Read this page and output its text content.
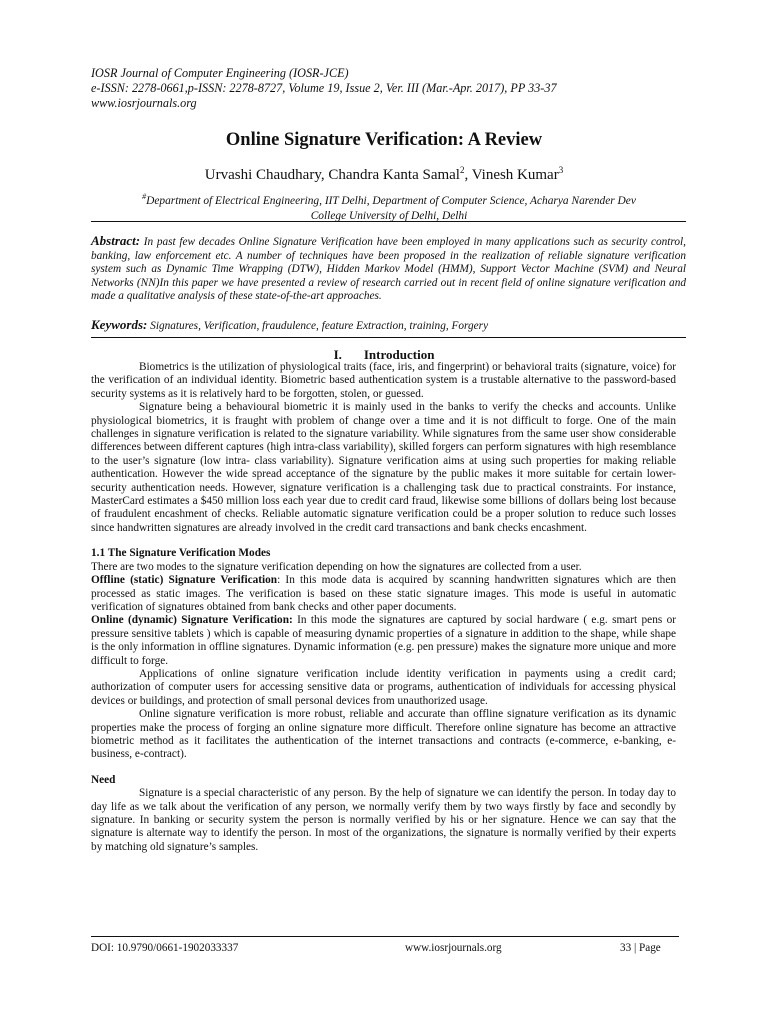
IOSR Journal of Computer Engineering (IOSR-JCE)
e-ISSN: 2278-0661,p-ISSN: 2278-8727, Volume 19, Issue 2, Ver. III (Mar.-Apr. 2017), PP 33-37
www.iosrjournals.org
Online Signature Verification: A Review
Urvashi Chaudhary, Chandra Kanta Samal$^2$, Vinesh Kumar$^3$
#Department of Electrical Engineering, IIT Delhi, Department of Computer Science, Acharya Narender Dev
College University of Delhi, Delhi
Abstract: In past few decades Online Signature Verification have been employed in many applications such as security control, banking, law enforcement etc. A number of techniques have been proposed in the realization of reliable signature verification system such as Dynamic Time Wrapping (DTW), Hidden Markov Model (HMM), Support Vector Machine (SVM) and Neural Networks (NN)In this paper we have presented a review of research carried out in recent field of online signature verification and made a qualitative analysis of these state-of-the-art approaches.
Keywords: Signatures, Verification, fraudulence, feature Extraction, training, Forgery
I. Introduction

Biometrics is the utilization of physiological traits (face, iris, and fingerprint) or behavioral traits (signature, voice) for the verification of an individual identity. Biometric based authentication system is a trustable alternative to the password-based security systems as it is relatively hard to be forgotten, stolen, or guessed.

Signature being a behavioural biometric it is mainly used in the banks to verify the checks and accounts. Unlike physiological biometrics, it is fraught with problem of change over a time and it is not difficult to forge. One of the main challenges in signature verification is related to the signature variability. While signatures from the same user show considerable differences between different captures (high intra-class variability), skilled forgers can perform signatures with high resemblance to the user’s signature (low intra- class variability). Signature verification aims at using such properties for making reliable authentication. However the wide spread acceptance of the signature by the public makes it more suitable for certain lower-security authentication needs. However, signature verification is a challenging task due to practical constraints. For instance, MasterCard estimates a $450 million loss each year due to credit card fraud, likewise some billions of dollars being lost because of fraudulent encashment of checks. Reliable automatic signature verification could be a proper solution to reduce such losses since handwritten signatures are already involved in the credit card transactions and bank checks encashment.

1.1 The Signature Verification Modes

There are two modes to the signature verification depending on how the signatures are collected from a user.

Offline (static) Signature Verification: In this mode data is acquired by scanning handwritten signatures which are then processed as static images. The verification is based on these static signature images. This mode is useful in automatic verification of signatures obtained from bank checks and other paper documents.

Online (dynamic) Signature Verification: In this mode the signatures are captured by social hardware ( e.g. smart pens or pressure sensitive tablets ) which is capable of measuring dynamic properties of a signature in addition to the shape, while shape is the only information in offline signatures. Dynamic information (e.g. pen pressure) makes the signature more unique and more difficult to forge.

Applications of online signature verification include identity verification in payments using a credit card; authorization of computer users for accessing sensitive data or programs, authentication of individuals for accessing physical devices or buildings, and protection of small personal devices from unauthorized usage.

Online signature verification is more robust, reliable and accurate than offline signature verification as its dynamic properties make the process of forging an online signature more difficult. Therefore online signature has become an attractive biometric method as it facilitates the authentication of the internet transactions and contracts (e-commerce, e-banking, e-business, e-contract).

Need

Signature is a special characteristic of any person. By the help of signature we can identify the person. In today day to day life as we talk about the verification of any person, we normally verify them by two ways firstly by face and secondly by signature. In banking or security system the person is normally verified by his or her signature. Hence we can say that the signature is alternate way to identify the person. In most of the organizations, the signature is normally verified by their experts by matching old signature’s samples.

DOI: 10.9790/0661-1902033337	www.iosrjournals.org	33 | Page
